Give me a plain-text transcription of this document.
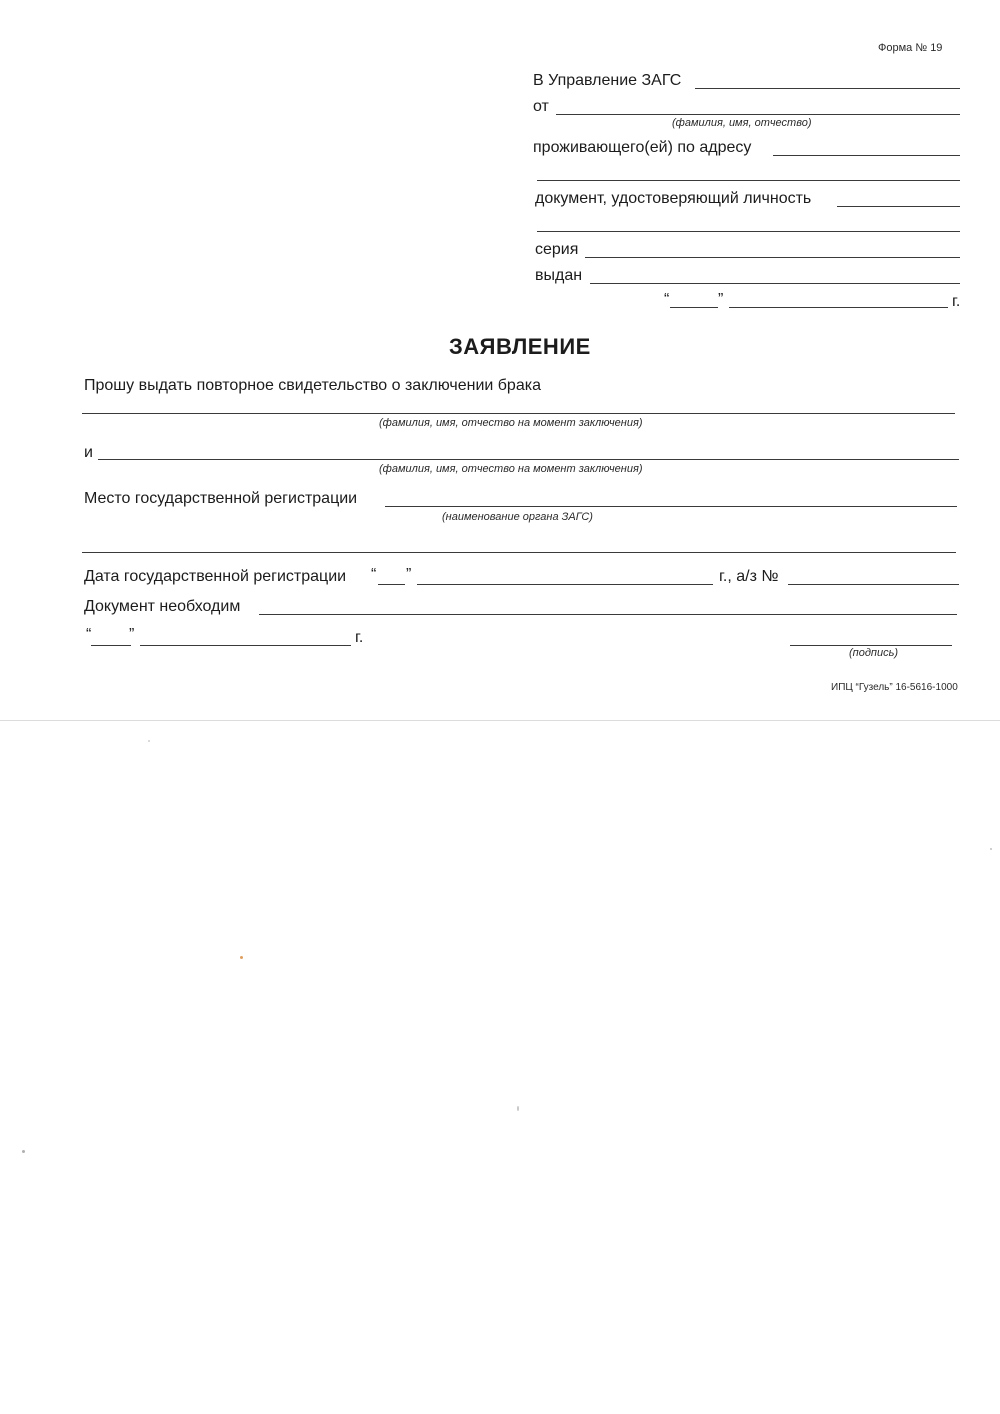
Форма № 19
В Управление ЗАГС
от
(фамилия, имя, отчество)
проживающего(ей) по адресу
документ, удостоверяющий личность
серия
выдан
“	”	г.
ЗАЯВЛЕНИЕ
Прошу выдать повторное свидетельство о заключении брака
(фамилия, имя, отчество на момент заключения)
и
(фамилия, имя, отчество на момент заключения)
Место государственной регистрации
(наименование органа ЗАГС)
Дата государственной регистрации “ ”	г., а/з №
Документ необходим
“ ”	г.
(подпись)
ИПЦ “Гузель” 16-5616-1000
